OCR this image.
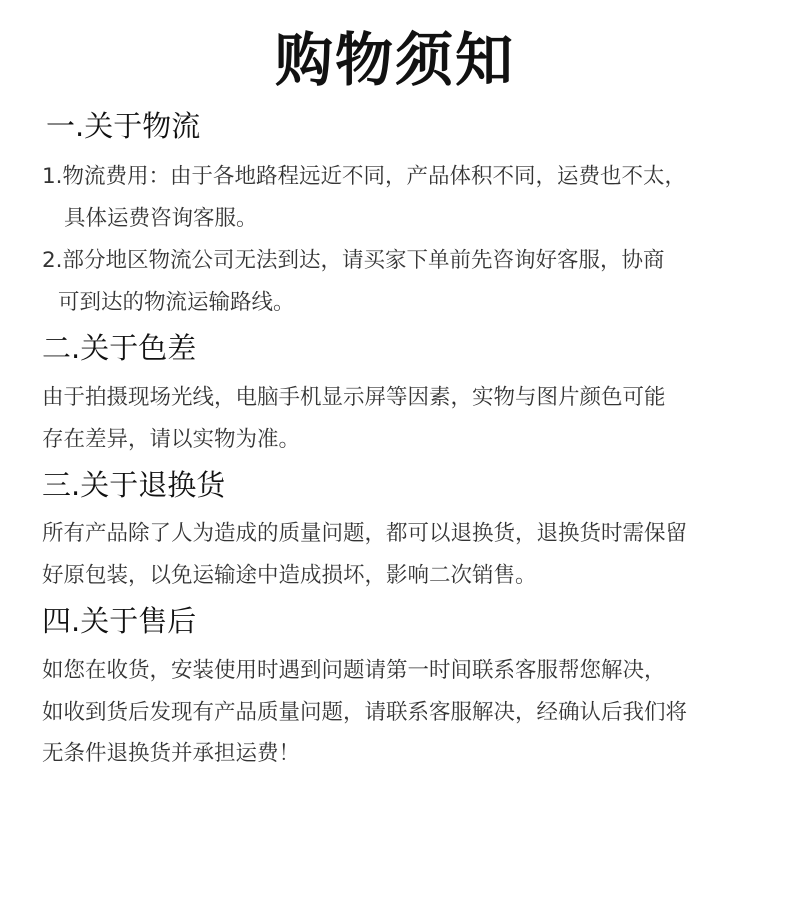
购物须知
一.关于物流
1.物流费用：由于各地路程远近不同，产品体积不同，运费也不太，
具体运费咨询客服。
2.部分地区物流公司无法到达，请买家下单前先咨询好客服，协商
可到达的物流运输路线。
二.关于色差
由于拍摄现场光线，电脑手机显示屏等因素，实物与图片颜色可能
存在差异，请以实物为准。
三.关于退换货
所有产品除了人为造成的质量问题，都可以退换货，退换货时需保留
好原包装，以免运输途中造成损坏，影响二次销售。
四.关于售后
如您在收货，安装使用时遇到问题请第一时间联系客服帮您解决，
如收到货后发现有产品质量问题，请联系客服解决，经确认后我们将
无条件退换货并承担运费！
